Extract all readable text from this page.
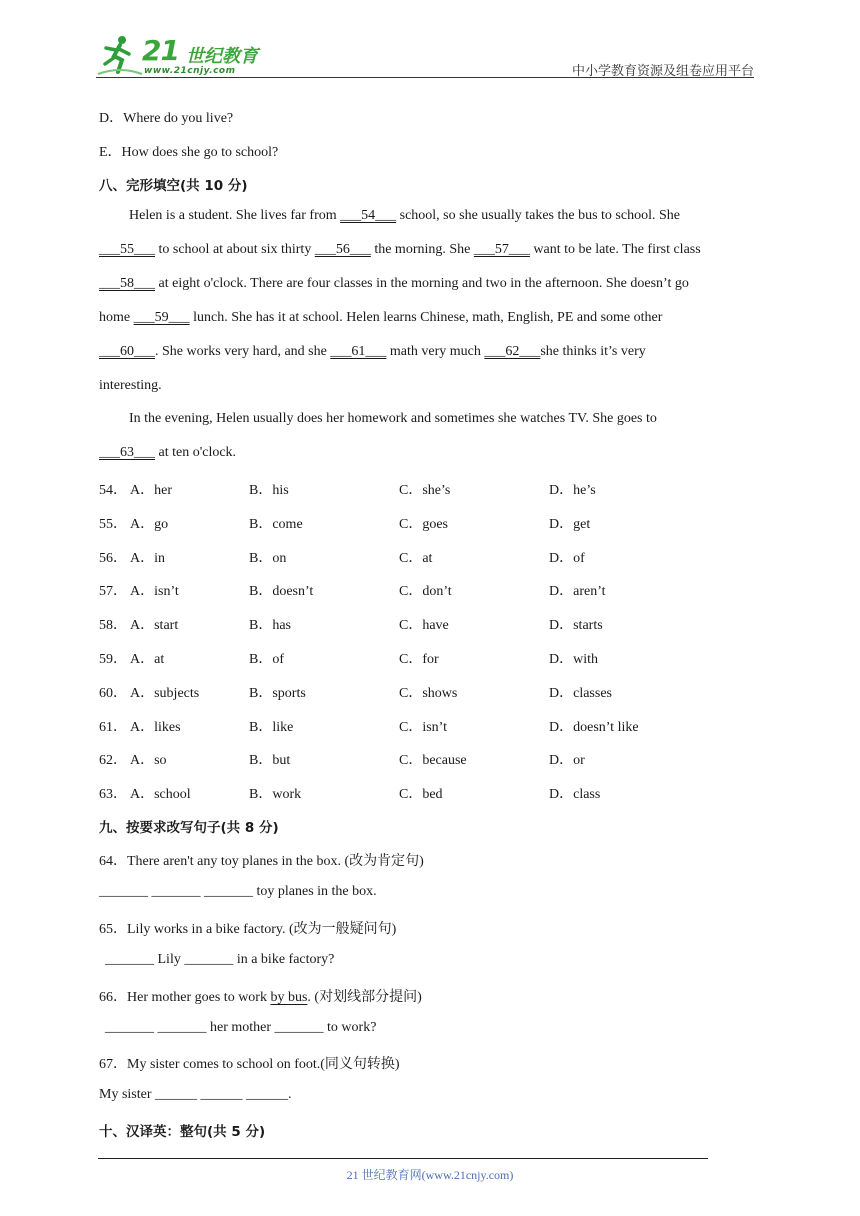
21 世纪教育
www.21cnjy.com	中小学教育资源及组卷应用平台
D．Where do you live?
E．How does she go to school?
八、完形填空(共 10 分)
Helen is a student. She lives far from ___54___ school, so she usually takes the bus to school. She
___55___ to school at about six thirty ___56___ the morning. She ___57___ want to be late. The first class
___58___ at eight o'clock. There are four classes in the morning and two in the afternoon. She doesn’t go
home ___59___ lunch. She has it at school. Helen learns Chinese, math, English, PE and some other
___60___. She works very hard, and she ___61___ math very much ___62___she thinks it’s very
interesting.
In the evening, Helen usually does her homework and sometimes she watches TV. She goes to
___63___ at ten o'clock.
54． A．her	B．his	C．she’s	D．he’s
55． A．go	B．come	C．goes	D．get
56． A．in	B．on	C．at	D．of
57． A．isn’t	B．doesn’t	C．don’t	D．aren’t
58． A．start	B．has	C．have	D．starts
59． A．at	B．of	C．for	D．with
60． A．subjects	B．sports	C．shows	D．classes
61． A．likes	B．like	C．isn’t	D．doesn’t like
62． A．so	B．but	C．because	D．or
63． A．school	B．work	C．bed	D．class
九、按要求改写句子(共 8 分)
64．There aren't any toy planes in the box. (改为肯定句)
_______ _______ _______ toy planes in the box.
65．Lily works in a bike factory. (改为一般疑问句)
_______ Lily _______ in a bike factory?
66．Her mother goes to work by bus. (对划线部分提问)
_______ _______ her mother _______ to work?
67．My sister comes to school on foot.(同义句转换)
My sister ______ ______ ______.
十、汉译英：整句(共 5 分)
21 世纪教育网(www.21cnjy.com)
